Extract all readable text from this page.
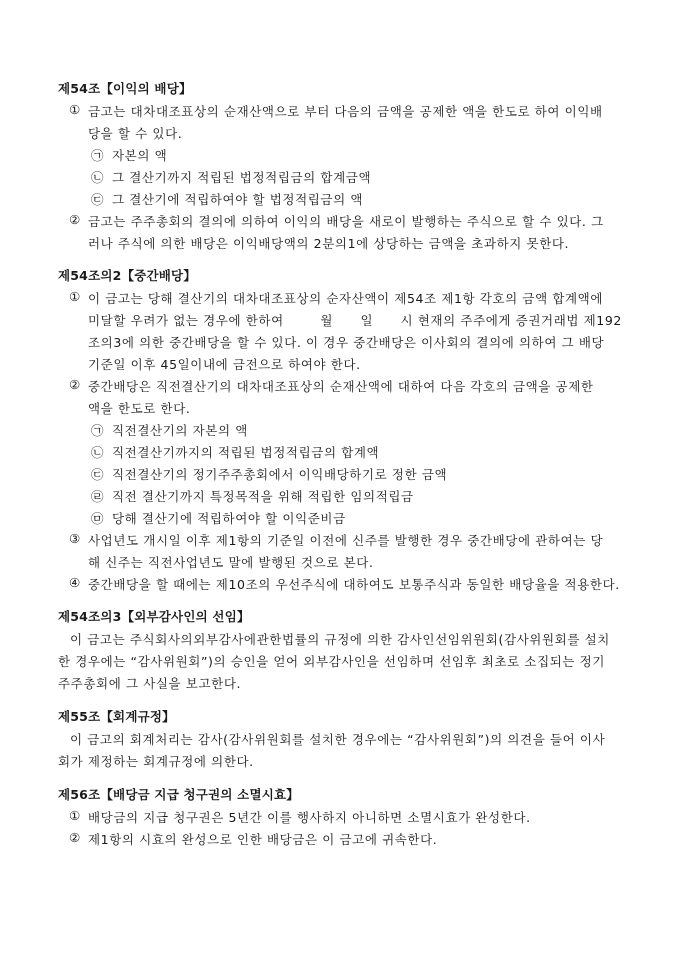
제54조【이익의 배당】
① 금고는 대차대조표상의 순재산액으로 부터 다음의 금액을 공제한 액을 한도로 하여 이익배
당을 할 수 있다.
㉠ 자본의 액
㉡ 그 결산기까지 적립된 법정적립금의 합계금액
㉢ 그 결산기에 적립하여야 할 법정적립금의 액
② 금고는 주주총회의 결의에 의하여 이익의 배당을 새로이 발행하는 주식으로 할 수 있다. 그
러나 주식에 의한 배당은 이익배당액의 2분의1에 상당하는 금액을 초과하지 못한다.
제54조의2【중간배당】
① 이 금고는 당해 결산기의 대차대조표상의 순자산액이 제54조 제1항 각호의 금액 합계액에
미달할 우려가 없는 경우에 한하여        월      일      시 현재의 주주에게 증권거래법 제192
조의3에 의한 중간배당을 할 수 있다. 이 경우 중간배당은 이사회의 결의에 의하여 그 배당
기준일 이후 45일이내에 금전으로 하여야 한다.
② 중간배당은 직전결산기의 대차대조표상의 순재산액에 대하여 다음 각호의 금액을 공제한
액을 한도로 한다.
㉠ 직전결산기의 자본의 액
㉡ 직전결산기까지의 적립된 법정적립금의 합계액
㉢ 직전결산기의 정기주주총회에서 이익배당하기로 정한 금액
㉣ 직전 결산기까지 특정목적을 위해 적립한 임의적립금
㉤ 당해 결산기에 적립하여야 할 이익준비금
③ 사업년도 개시일 이후 제1항의 기준일 이전에 신주를 발행한 경우 중간배당에 관하여는 당
해 신주는 직전사업년도 말에 발행된 것으로 본다.
④ 중간배당을 할 때에는 제10조의 우선주식에 대하여도 보통주식과 동일한 배당율을 적용한다.
제54조의3【외부감사인의 선임】
이 금고는 주식회사의외부감사에관한법률의 규정에 의한 감사인선임위원회(감사위원회를 설치
한 경우에는 “감사위원회”)의 승인을 얻어 외부감사인을 선임하며 선임후 최초로 소집되는 정기
주주총회에 그 사실을 보고한다.
제55조【회계규정】
이 금고의 회계처리는 감사(감사위원회를 설치한 경우에는 “감사위원회”)의 의견을 들어 이사
회가 제정하는 회계규정에 의한다.
제56조【배당금 지급 청구권의 소멸시효】
① 배당금의 지급 청구권은 5년간 이를 행사하지 아니하면 소멸시효가 완성한다.
② 제1항의 시효의 완성으로 인한 배당금은 이 금고에 귀속한다.
